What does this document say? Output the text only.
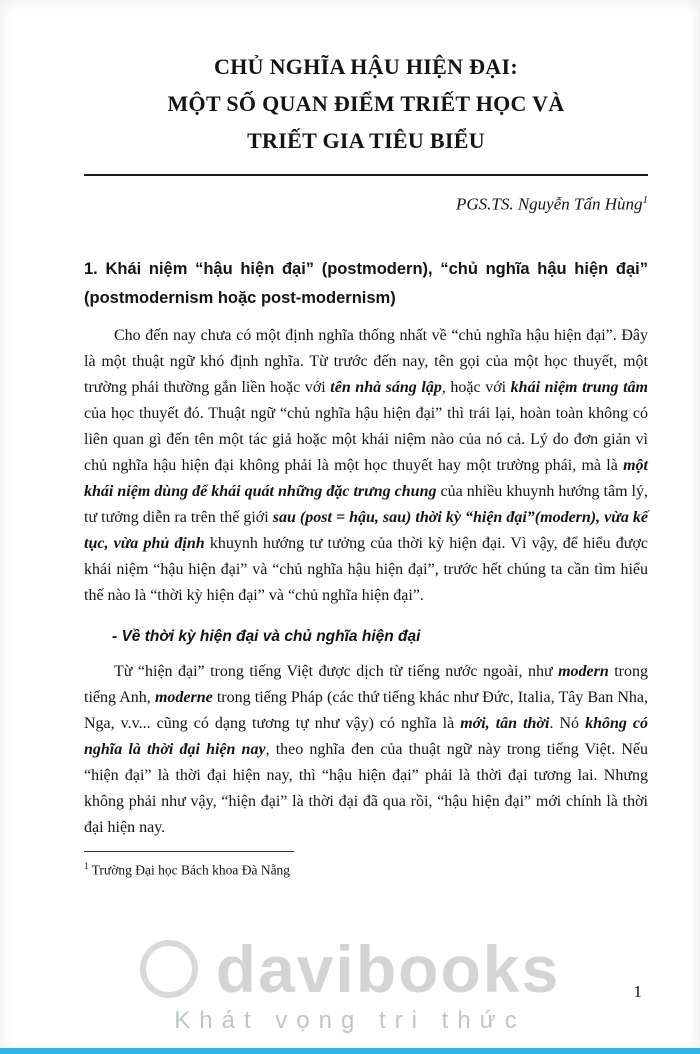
davibooks
Khát vọng tri thức
CHỦ NGHĨA HẬU HIỆN ĐẠI:
MỘT SỐ QUAN ĐIỂM TRIẾT HỌC VÀ
TRIẾT GIA TIÊU BIỂU
PGS.TS. Nguyễn Tấn Hùng$^1$
1. Khái niệm “hậu hiện đại” (postmodern), “chủ nghĩa hậu hiện đại” (postmodernism hoặc post-modernism)
Cho đến nay chưa có một định nghĩa thống nhất về “chủ nghĩa hậu hiện đại”. Đây là một thuật ngữ khó định nghĩa. Từ trước đến nay, tên gọi của một học thuyết, một trường phái thường gắn liền hoặc với tên nhà sáng lập, hoặc với khái niệm trung tâm của học thuyết đó. Thuật ngữ “chủ nghĩa hậu hiện đại” thì trái lại, hoàn toàn không có liên quan gì đến tên một tác giả hoặc một khái niệm nào của nó cả. Lý do đơn giản vì chủ nghĩa hậu hiện đại không phải là một học thuyết hay một trường phái, mà là một khái niệm dùng để khái quát những đặc trưng chung của nhiều khuynh hướng tâm lý, tư tưởng diễn ra trên thế giới sau (post = hậu, sau) thời kỳ “hiện đại”(modern), vừa kế tục, vừa phủ định khuynh hướng tư tưởng của thời kỳ hiện đại. Vì vậy, để hiểu được khái niệm “hậu hiện đại” và “chủ nghĩa hậu hiện đại”, trước hết chúng ta cần tìm hiểu thế nào là “thời kỳ hiện đại” và “chủ nghĩa hiện đại”.
- Về thời kỳ hiện đại và chủ nghĩa hiện đại
Từ “hiện đại” trong tiếng Việt được dịch từ tiếng nước ngoài, như modern trong tiếng Anh, moderne trong tiếng Pháp (các thứ tiếng khác như Đức, Italia, Tây Ban Nha, Nga, v.v... cũng có dạng tương tự như vậy) có nghĩa là mới, tân thời. Nó không có nghĩa là thời đại hiện nay, theo nghĩa đen của thuật ngữ này trong tiếng Việt. Nếu “hiện đại” là thời đại hiện nay, thì “hậu hiện đại” phải là thời đại tương lai. Nhưng không phải như vậy, “hiện đại” là thời đại đã qua rồi, “hậu hiện đại” mới chính là thời đại hiện nay.
$^1$ Trường Đại học Bách khoa Đà Nẵng
1
